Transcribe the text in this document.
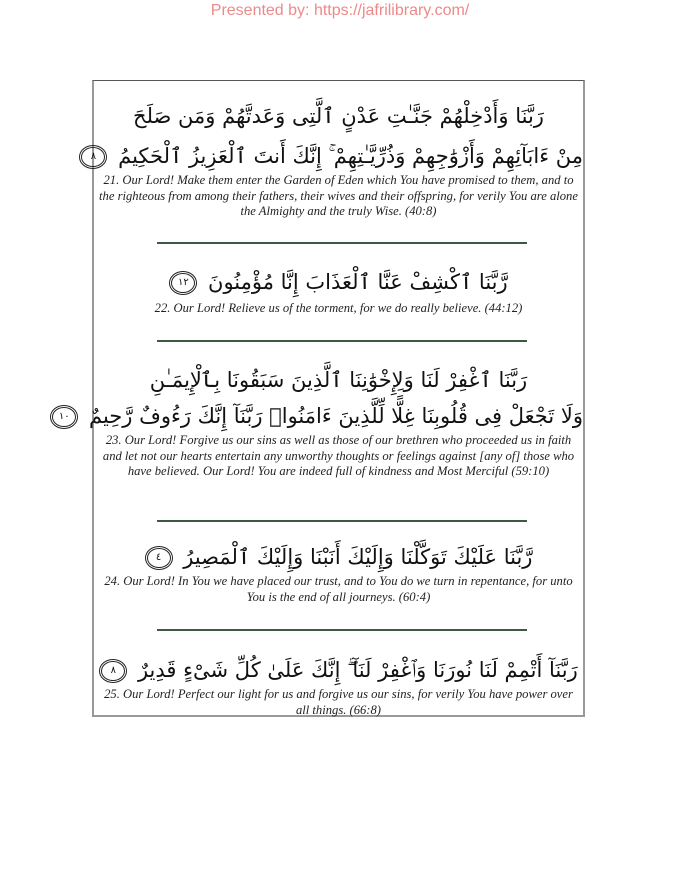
Presented by: https://jafrilibrary.com/
رَبَّنَا وَأَدْخِلْهُمْ جَنَّـٰتِ عَدْنٍ ٱلَّتِى وَعَدتَّهُمْ وَمَن صَلَحَ
مِنْ ءَابَآئِهِمْ وَأَزْوَٰجِهِمْ وَذُرِّيَّـٰتِهِمْ ۚ إِنَّكَ أَنتَ ٱلْعَزِيزُ ٱلْحَكِيمُ ٨
21. Our Lord! Make them enter the Garden of Eden which You have promised to them, and to the righteous from among their fathers, their wives and their offspring, for verily You are alone the Almighty and the truly Wise. (40:8)
رَّبَّنَا ٱكْشِفْ عَنَّا ٱلْعَذَابَ إِنَّا مُؤْمِنُونَ ١٢
22. Our Lord! Relieve us of the torment, for we do really believe. (44:12)
رَبَّنَا ٱغْفِرْ لَنَا وَلِإِخْوَٰنِنَا ٱلَّذِينَ سَبَقُونَا بِٱلْإِيمَـٰنِ
وَلَا تَجْعَلْ فِى قُلُوبِنَا غِلًّا لِّلَّذِينَ ءَامَنُوا۟ رَبَّنَآ إِنَّكَ رَءُوفٌ رَّحِيمٌ ١٠
23. Our Lord! Forgive us our sins as well as those of our brethren who proceeded us in faith and let not our hearts entertain any unworthy thoughts or feelings against [any of] those who have believed. Our Lord! You are indeed full of kindness and Most Merciful (59:10)
رَّبَّنَا عَلَيْكَ تَوَكَّلْنَا وَإِلَيْكَ أَنَبْنَا وَإِلَيْكَ ٱلْمَصِيرُ ٤
24. Our Lord! In You we have placed our trust, and to You do we turn in repentance, for unto You is the end of all journeys. (60:4)
رَبَّنَآ أَتْمِمْ لَنَا نُورَنَا وَٱغْفِرْ لَنَآ ۖ إِنَّكَ عَلَىٰ كُلِّ شَىْءٍ قَدِيرٌ ٨
25. Our Lord! Perfect our light for us and forgive us our sins, for verily You have power over all things. (66:8)
